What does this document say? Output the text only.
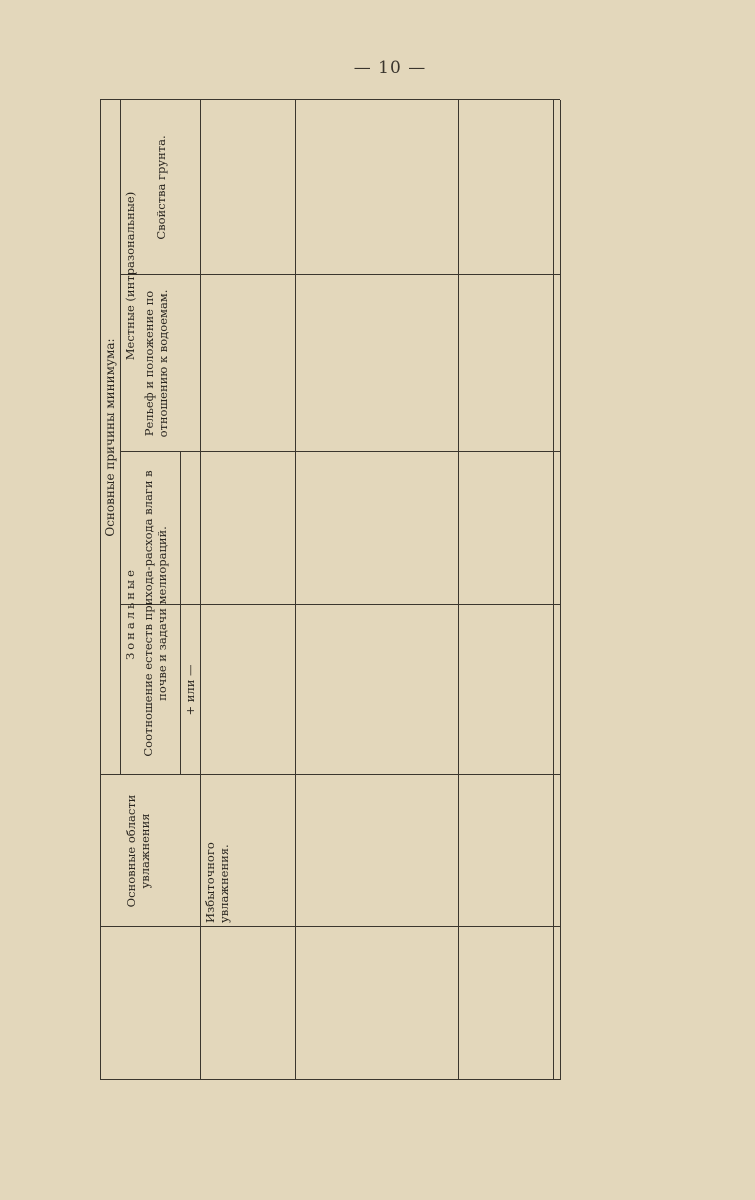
— 10 —
Основные области увлажнения
Основные причины минимума:
Зональные Соотношение естеств прихода-расхода влаги в почве и задачи мелиораций.	+ или —
Местные (интразональные)
Рельеф и положение по отношению к водоемам.
Свойства грунта.
Избыточного увлажнения.
